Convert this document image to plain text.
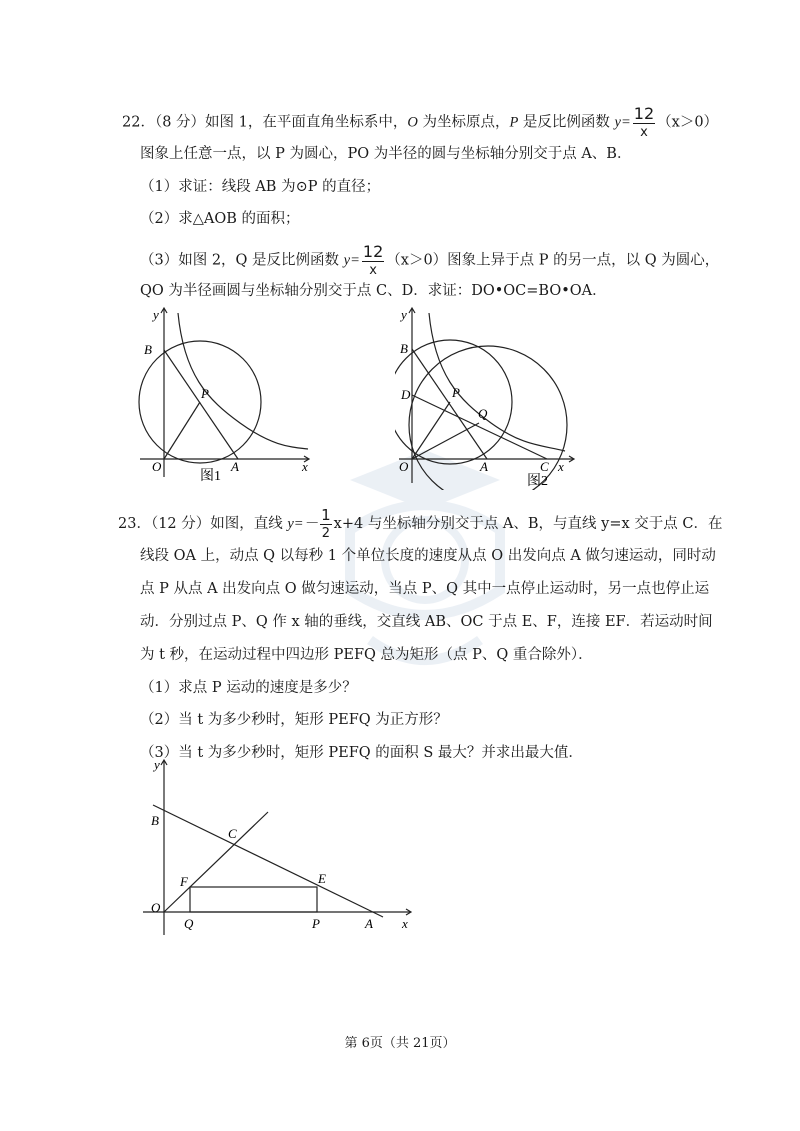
22．（8 分）如图 1，在平面直角坐标系中，O 为坐标原点，P 是反比例函数 $y= \frac{12}{x} (x>0)$
图象上任意一点，以 P 为圆心，PO 为半径的圆与坐标轴分别交于点 A、B．
（1）求证：线段 AB 为⊙P 的直径；
（2）求△AOB 的面积；
（3）如图 2，Q 是反比例函数 $y= \frac{12}{x} (x>0)$图象上异于点 P 的另一点，以 Q 为圆心，
QO 为半径画圆与坐标轴分别交于点 C、D．求证：DO•OC=BO•OA．
B
P
O	A	x
y
图1
B
D	P
Q
O	A	C x
y
图2
23．（12 分）如图，直线 $y=- \frac{1}{2} x+4$ 与坐标轴分别交于点 A、B，与直线 y=x 交于点 C．在
线段 OA 上，动点 Q 以每秒 1 个单位长度的速度从点 O 出发向点 A 做匀速运动，同时动
点 P 从点 A 出发向点 O 做匀速运动，当点 P、Q 其中一点停止运动时，另一点也停止运
动．分别过点 P、Q 作 x 轴的垂线，交直线 AB、OC 于点 E、F，连接 EF．若运动时间
为 t 秒，在运动过程中四边形 PEFQ 总为矩形（点 P、Q 重合除外）．
（1）求点 P 运动的速度是多少？
（2）当 t 为多少秒时，矩形 PEFQ 为正方形？
（3）当 t 为多少秒时，矩形 PEFQ 的面积 S 最大？并求出最大值．
y
B
C
F	E
O
Q	P	A x
第 6页（共 21页）
